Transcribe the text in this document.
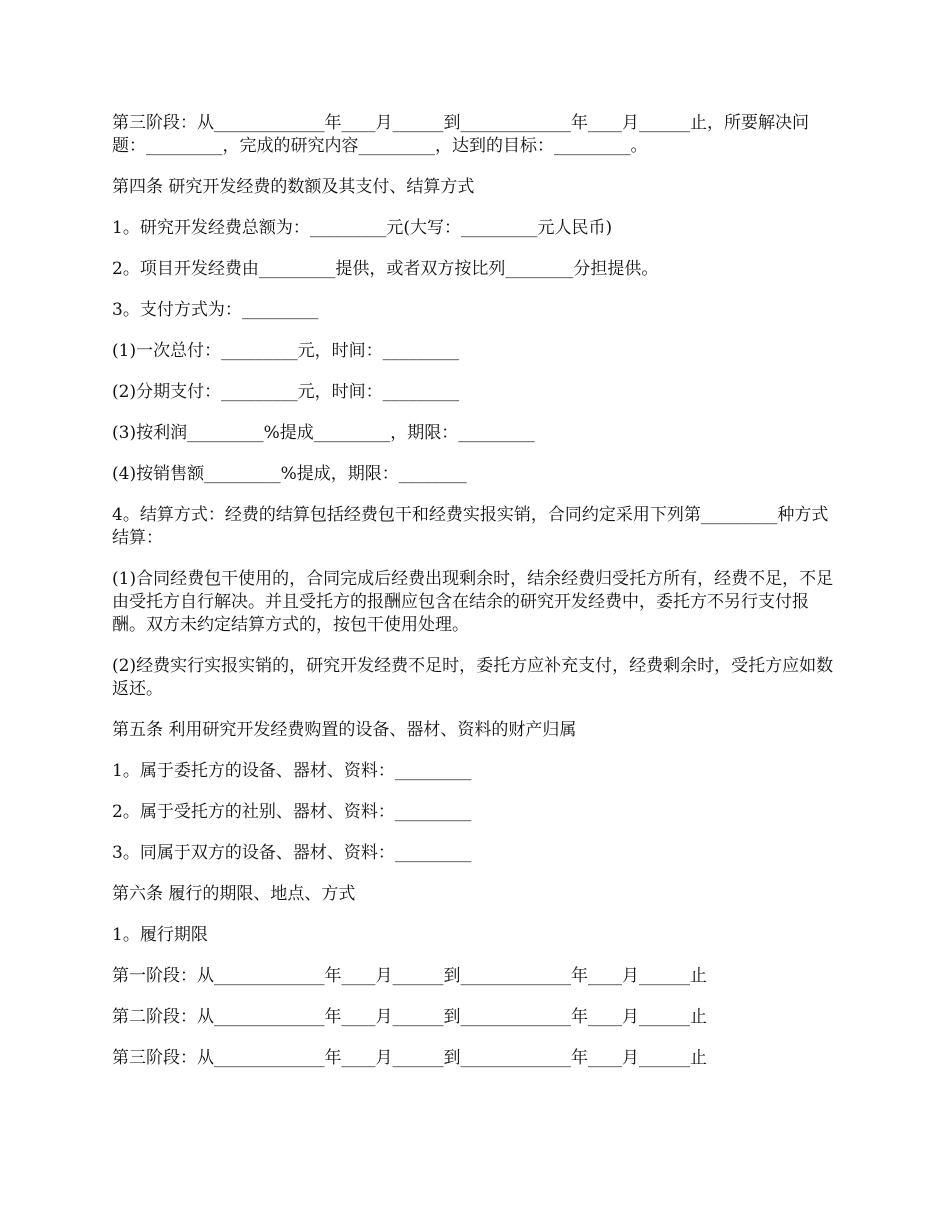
第三阶段：从_____________年____月______到_____________年____月______止，所要解决问题：_________，完成的研究内容_________，达到的目标：_________。

第四条 研究开发经费的数额及其支付、结算方式

1。研究开发经费总额为：_________元(大写：_________元人民币)

2。项目开发经费由_________提供，或者双方按比列________分担提供。

3。支付方式为：_________

(1)一次总付：_________元，时间：_________

(2)分期支付：_________元，时间：_________

(3)按利润_________%提成_________，期限：_________

(4)按销售额_________%提成，期限：________

4。结算方式：经费的结算包括经费包干和经费实报实销，合同约定采用下列第_________种方式结算：

(1)合同经费包干使用的，合同完成后经费出现剩余时，结余经费归受托方所有，经费不足，不足由受托方自行解决。并且受托方的报酬应包含在结余的研究开发经费中，委托方不另行支付报酬。双方未约定结算方式的，按包干使用处理。

(2)经费实行实报实销的，研究开发经费不足时，委托方应补充支付，经费剩余时，受托方应如数返还。

第五条 利用研究开发经费购置的设备、器材、资料的财产归属

1。属于委托方的设备、器材、资料：_________

2。属于受托方的社别、器材、资料：_________

3。同属于双方的设备、器材、资料：_________

第六条 履行的期限、地点、方式

1。履行期限

第一阶段：从_____________年____月______到_____________年____月______止

第二阶段：从_____________年____月______到_____________年____月______止

第三阶段：从_____________年____月______到_____________年____月______止
